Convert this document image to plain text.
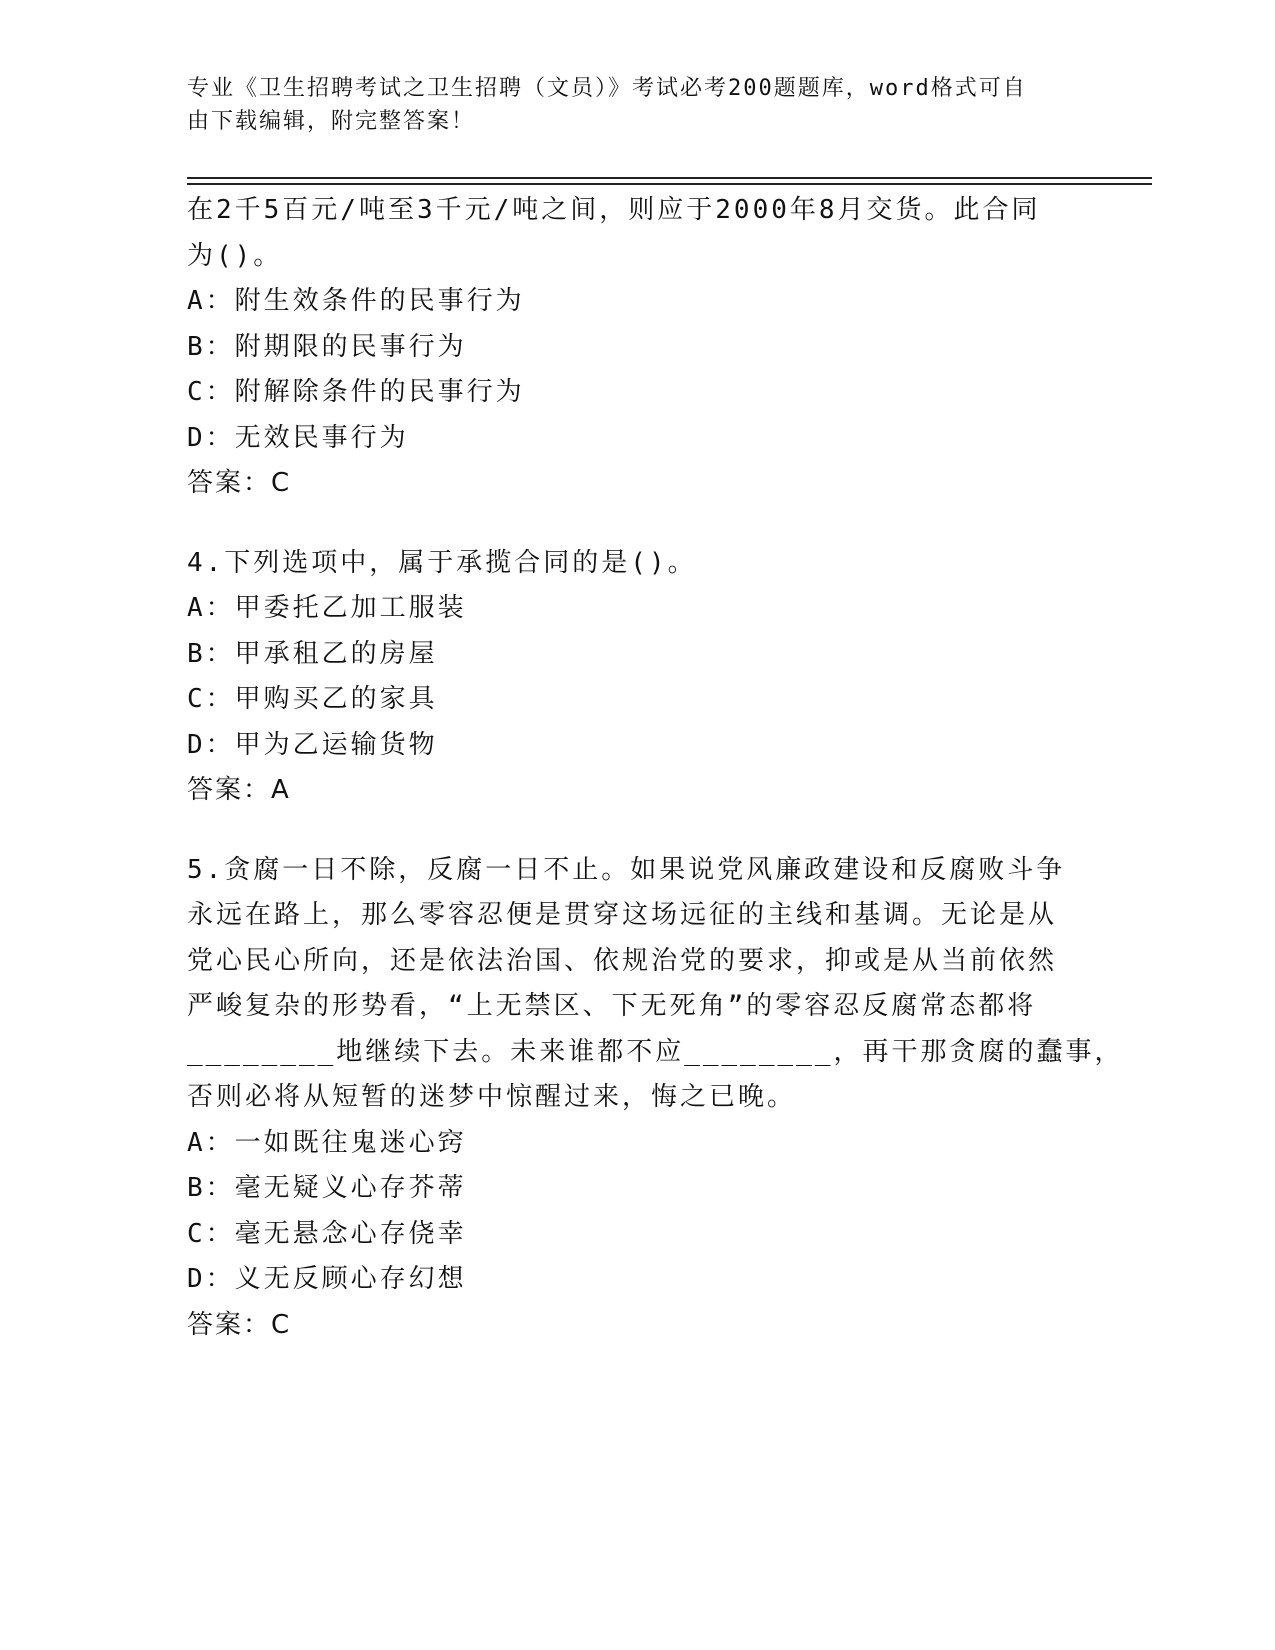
专业《卫生招聘考试之卫生招聘（文员）》考试必考200题题库，word格式可自
由下载编辑，附完整答案！
在2千5百元/吨至3千元/吨之间，则应于2000年8月交货。此合同
为()。
A：附生效条件的民事行为
B：附期限的民事行为
C：附解除条件的民事行为
D：无效民事行为
答案：C
4.下列选项中，属于承揽合同的是()。
A：甲委托乙加工服装
B：甲承租乙的房屋
C：甲购买乙的家具
D：甲为乙运输货物
答案：A
5.贪腐一日不除，反腐一日不止。如果说党风廉政建设和反腐败斗争
永远在路上，那么零容忍便是贯穿这场远征的主线和基调。无论是从
党心民心所向，还是依法治国、依规治党的要求，抑或是从当前依然
严峻复杂的形势看，“上无禁区、下无死角”的零容忍反腐常态都将
________地继续下去。未来谁都不应________，再干那贪腐的蠢事，
否则必将从短暂的迷梦中惊醒过来，悔之已晚。
A：一如既往鬼迷心窍
B：毫无疑义心存芥蒂
C：毫无悬念心存侥幸
D：义无反顾心存幻想
答案：C
